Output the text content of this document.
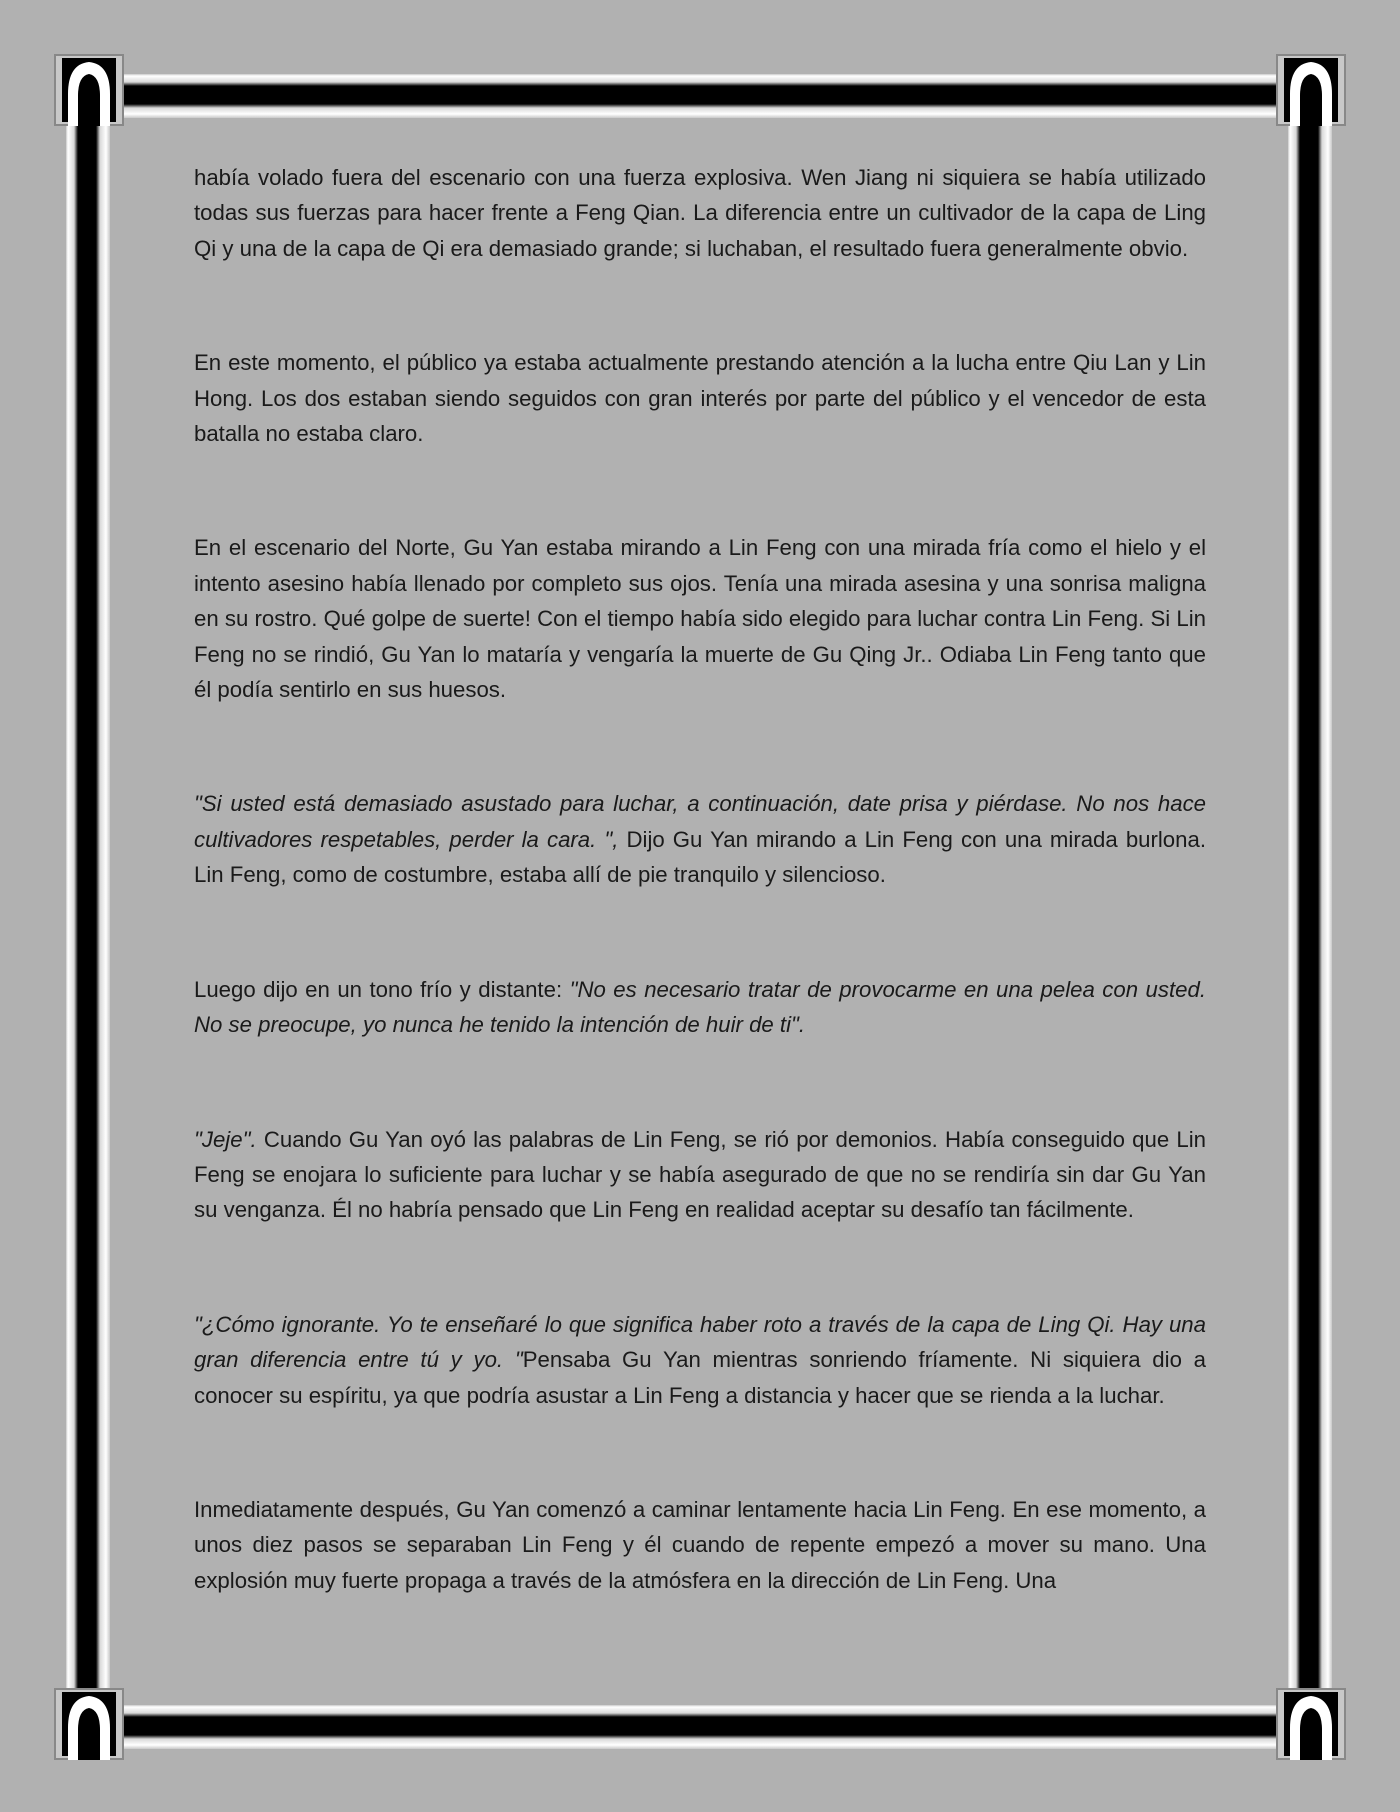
había volado fuera del escenario con una fuerza explosiva. Wen Jiang ni siquiera se había utilizado todas sus fuerzas para hacer frente a Feng Qian. La diferencia entre un cultivador de la capa de Ling Qi y una de la capa de Qi era demasiado grande; si luchaban, el resultado fuera generalmente obvio.

En este momento, el público ya estaba actualmente prestando atención a la lucha entre Qiu Lan y Lin Hong. Los dos estaban siendo seguidos con gran interés por parte del público y el vencedor de esta batalla no estaba claro.

En el escenario del Norte, Gu Yan estaba mirando a Lin Feng con una mirada fría como el hielo y el intento asesino había llenado por completo sus ojos. Tenía una mirada asesina y una sonrisa maligna en su rostro. Qué golpe de suerte! Con el tiempo había sido elegido para luchar contra Lin Feng. Si Lin Feng no se rindió, Gu Yan lo mataría y vengaría la muerte de Gu Qing Jr.. Odiaba Lin Feng tanto que él podía sentirlo en sus huesos.

"Si usted está demasiado asustado para luchar, a continuación, date prisa y piérdase. No nos hace cultivadores respetables, perder la cara. ", Dijo Gu Yan mirando a Lin Feng con una mirada burlona. Lin Feng, como de costumbre, estaba allí de pie tranquilo y silencioso.

Luego dijo en un tono frío y distante: "No es necesario tratar de provocarme en una pelea con usted. No se preocupe, yo nunca he tenido la intención de huir de ti".

"Jeje". Cuando Gu Yan oyó las palabras de Lin Feng, se rió por demonios. Había conseguido que Lin Feng se enojara lo suficiente para luchar y se había asegurado de que no se rendiría sin dar Gu Yan su venganza. Él no habría pensado que Lin Feng en realidad aceptar su desafío tan fácilmente.

"¿Cómo ignorante. Yo te enseñaré lo que significa haber roto a través de la capa de Ling Qi. Hay una gran diferencia entre tú y yo. "Pensaba Gu Yan mientras sonriendo fríamente. Ni siquiera dio a conocer su espíritu, ya que podría asustar a Lin Feng a distancia y hacer que se rienda a la luchar.

Inmediatamente después, Gu Yan comenzó a caminar lentamente hacia Lin Feng. En ese momento, a unos diez pasos se separaban Lin Feng y él cuando de repente empezó a mover su mano. Una explosión muy fuerte propaga a través de la atmósfera en la dirección de Lin Feng. Una
